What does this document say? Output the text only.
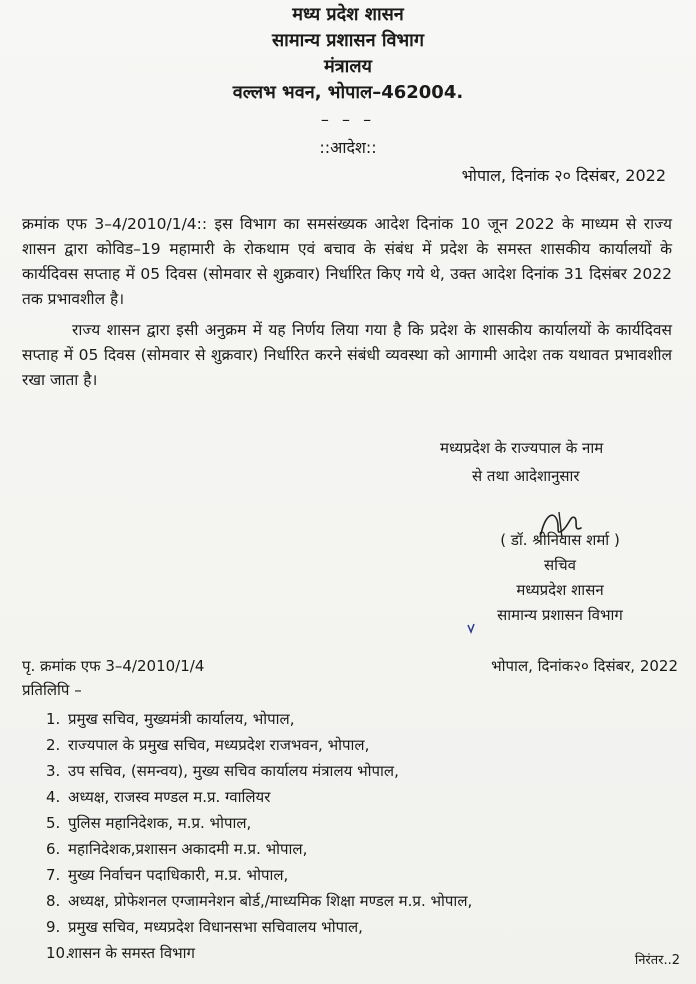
मध्य प्रदेश शासन
सामान्य प्रशासन विभाग
मंत्रालय
वल्लभ भवन, भोपाल–462004.
– – –
::आदेश::
भोपाल, दिनांक २० दिसंबर, 2022
क्रमांक एफ 3–4/2010/1/4:: इस विभाग का समसंख्यक आदेश दिनांक 10 जून 2022 के माध्यम से राज्य शासन द्वारा कोविड–19 महामारी के रोकथाम एवं बचाव के संबंध में प्रदेश के समस्त शासकीय कार्यालयों के कार्यदिवस सप्ताह में 05 दिवस (सोमवार से शुक्रवार) निर्धारित किए गये थे, उक्त आदेश दिनांक 31 दिसंबर 2022 तक प्रभावशील है।
राज्य शासन द्वारा इसी अनुक्रम में यह निर्णय लिया गया है कि प्रदेश के शासकीय कार्यालयों के कार्यदिवस सप्ताह में 05 दिवस (सोमवार से शुक्रवार) निर्धारित करने संबंधी व्यवस्था को आगामी आदेश तक यथावत प्रभावशील रखा जाता है।
मध्यप्रदेश के राज्यपाल के नाम
से तथा आदेशानुसार
( डॉ. श्रीनिवास शर्मा )
सचिव
मध्यप्रदेश शासन
सामान्य प्रशासन विभाग
पृ. क्रमांक एफ 3–4/2010/1/4	भोपाल, दिनांक२० दिसंबर, 2022
प्रतिलिपि –
1. प्रमुख सचिव, मुख्यमंत्री कार्यालय, भोपाल,
2. राज्यपाल के प्रमुख सचिव, मध्यप्रदेश राजभवन, भोपाल,
3. उप सचिव, (समन्वय), मुख्य सचिव कार्यालय मंत्रालय भोपाल,
4. अध्यक्ष, राजस्व मण्डल म.प्र. ग्वालियर
5. पुलिस महानिदेशक, म.प्र. भोपाल,
6. महानिदेशक,प्रशासन अकादमी म.प्र. भोपाल,
7. मुख्य निर्वाचन पदाधिकारी, म.प्र. भोपाल,
8. अध्यक्ष, प्रोफेशनल एग्जामनेशन बोर्ड,/माध्यमिक शिक्षा मण्डल म.प्र. भोपाल,
9. प्रमुख सचिव, मध्यप्रदेश विधानसभा सचिवालय भोपाल,
10.शासन के समस्त विभाग	निरंतर..2
